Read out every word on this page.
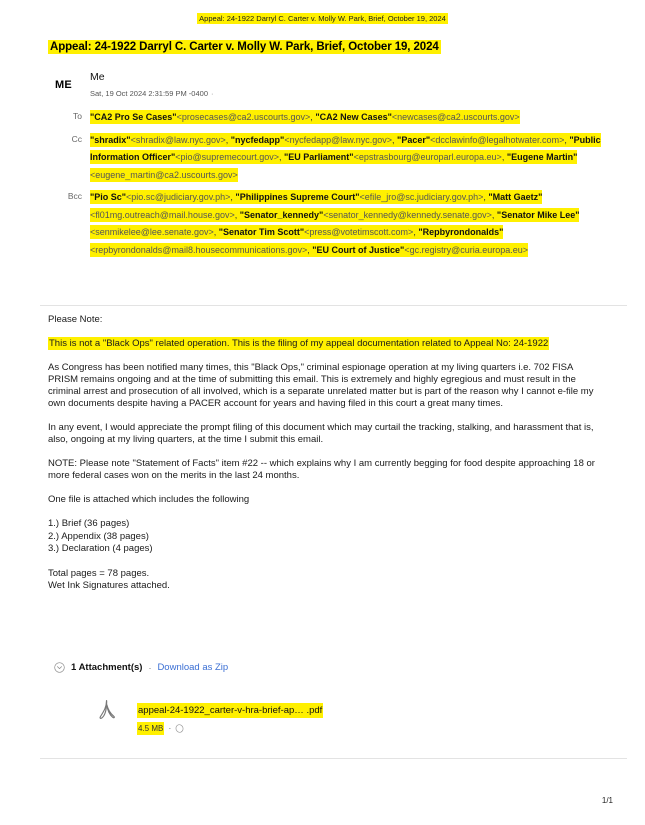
Appeal: 24-1922 Darryl C. Carter v. Molly W. Park, Brief, October 19, 2024
Appeal: 24-1922 Darryl C. Carter v. Molly W. Park, Brief, October 19, 2024
ME
Me
Sat, 19 Oct 2024 2:31:59 PM -0400 ·
To "CA2 Pro Se Cases"<prosecases@ca2.uscourts.gov>, "CA2 New Cases"<newcases@ca2.uscourts.gov>
Cc "shradix"<shradix@law.nyc.gov>, "nycfedapp"<nycfedapp@law.nyc.gov>, "Pacer"<dcclawinfo@legalhotwater.com>, "Public Information Officer"<pio@supremecourt.gov>, "EU Parliament"<epstrasbourg@europarl.europa.eu>, "Eugene Martin"<eugene_martin@ca2.uscourts.gov>
Bcc "Pio Sc"<pio.sc@judiciary.gov.ph>, "Philippines Supreme Court"<efile_jro@sc.judiciary.gov.ph>, "Matt Gaetz"<fl01mg.outreach@mail.house.gov>, "Senator_kennedy"<senator_kennedy@kennedy.senate.gov>, "Senator Mike Lee"<senmikelee@lee.senate.gov>, "Senator Tim Scott"<press@votetimscott.com>, "Repbyrondonalds"<repbyrondonalds@mail8.housecommunications.gov>, "EU Court of Justice"<gc.registry@curia.europa.eu>

Please Note:

This is not a "Black Ops" related operation. This is the filing of my appeal documentation related to Appeal No: 24-1922

As Congress has been notified many times, this "Black Ops," criminal espionage operation at my living quarters i.e. 702 FISA PRISM remains ongoing and at the time of submitting this email. This is extremely and highly egregious and must result in the criminal arrest and prosecution of all involved, which is a separate unrelated matter but is part of the reason why I cannot e-file my own documents despite having a PACER account for years and having filed in this court a great many times.

In any event, I would appreciate the prompt filing of this document which may curtail the tracking, stalking, and harassment that is, also, ongoing at my living quarters, at the time I submit this email.

NOTE: Please note "Statement of Facts" item #22 -- which explains why I am currently begging for food despite approaching 18 or more federal cases won on the merits in the last 24 months.

One file is attached which includes the following

1.) Brief (36 pages)
2.) Appendix (38 pages)
3.) Declaration (4 pages)
Total pages = 78 pages.
Wet Ink Signatures attached.
1 Attachment(s) · Download as Zip
appeal-24-1922_carter-v-hra-brief-ap… .pdf
4.5 MB ·
1/1
